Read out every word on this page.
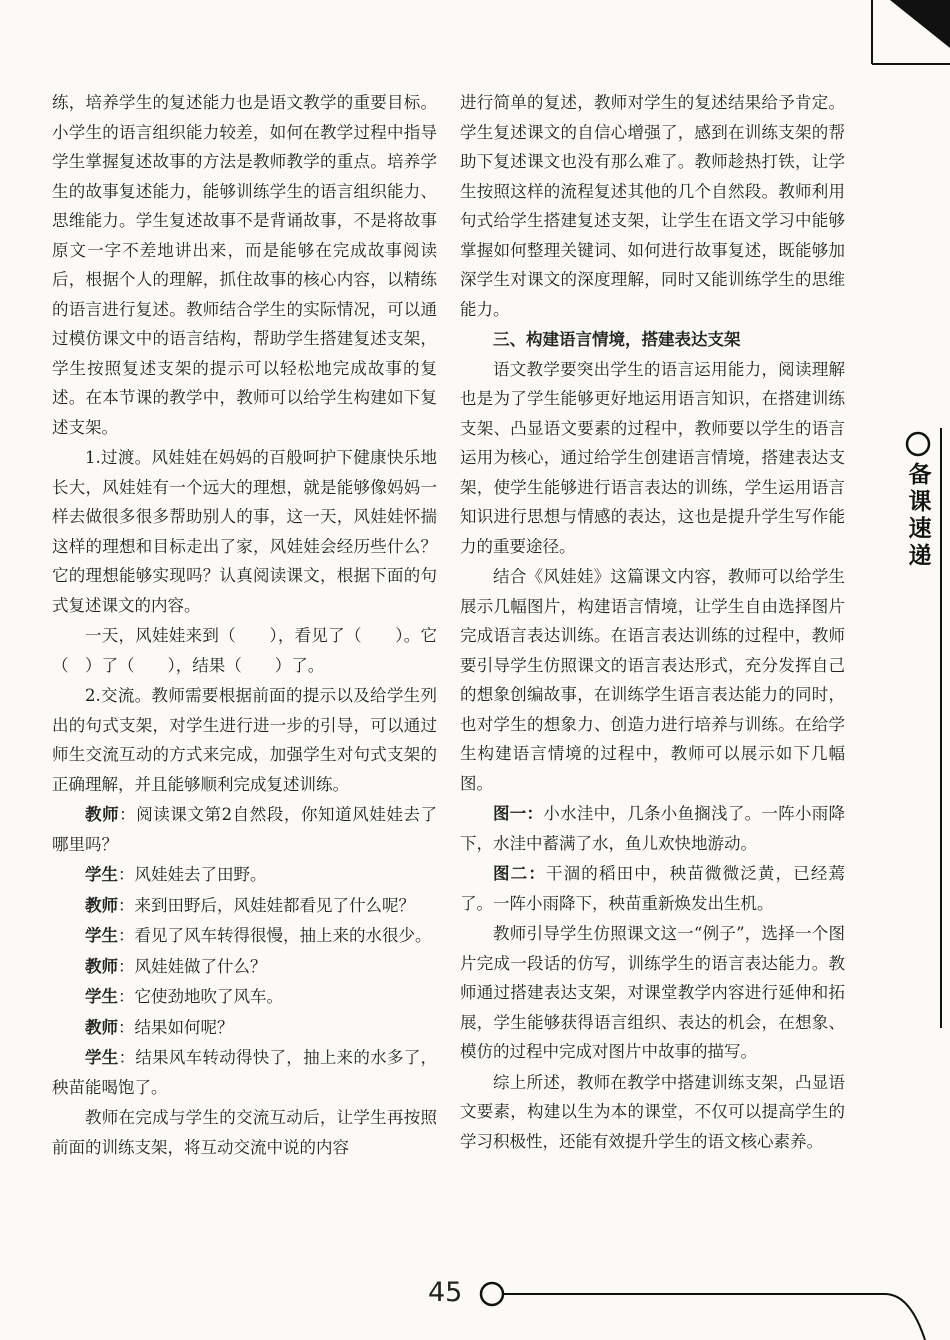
练，培养学生的复述能力也是语文教学的重要目标。小学生的语言组织能力较差，如何在教学过程中指导学生掌握复述故事的方法是教师教学的重点。培养学生的故事复述能力，能够训练学生的语言组织能力、思维能力。学生复述故事不是背诵故事，不是将故事原文一字不差地讲出来，而是能够在完成故事阅读后，根据个人的理解，抓住故事的核心内容，以精练的语言进行复述。教师结合学生的实际情况，可以通过模仿课文中的语言结构，帮助学生搭建复述支架，学生按照复述支架的提示可以轻松地完成故事的复述。在本节课的教学中，教师可以给学生构建如下复述支架。

1.过渡。风娃娃在妈妈的百般呵护下健康快乐地长大，风娃娃有一个远大的理想，就是能够像妈妈一样去做很多很多帮助别人的事，这一天，风娃娃怀揣这样的理想和目标走出了家，风娃娃会经历些什么？它的理想能够实现吗？认真阅读课文，根据下面的句式复述课文的内容。

一天，风娃娃来到（　　），看见了（　　）。它（　）了（　　），结果（　　）了。

2.交流。教师需要根据前面的提示以及给学生列出的句式支架，对学生进行进一步的引导，可以通过师生交流互动的方式来完成，加强学生对句式支架的正确理解，并且能够顺利完成复述训练。

教师：阅读课文第2自然段，你知道风娃娃去了哪里吗？

学生：风娃娃去了田野。

教师：来到田野后，风娃娃都看见了什么呢？

学生：看见了风车转得很慢，抽上来的水很少。

教师：风娃娃做了什么？

学生：它使劲地吹了风车。

教师：结果如何呢？

学生：结果风车转动得快了，抽上来的水多了，秧苗能喝饱了。

教师在完成与学生的交流互动后，让学生再按照前面的训练支架，将互动交流中说的内容

进行简单的复述，教师对学生的复述结果给予肯定。学生复述课文的自信心增强了，感到在训练支架的帮助下复述课文也没有那么难了。教师趁热打铁，让学生按照这样的流程复述其他的几个自然段。教师利用句式给学生搭建复述支架，让学生在语文学习中能够掌握如何整理关键词、如何进行故事复述，既能够加深学生对课文的深度理解，同时又能训练学生的思维能力。

三、构建语言情境，搭建表达支架

语文教学要突出学生的语言运用能力，阅读理解也是为了学生能够更好地运用语言知识，在搭建训练支架、凸显语文要素的过程中，教师要以学生的语言运用为核心，通过给学生创建语言情境，搭建表达支架，使学生能够进行语言表达的训练，学生运用语言知识进行思想与情感的表达，这也是提升学生写作能力的重要途径。

结合《风娃娃》这篇课文内容，教师可以给学生展示几幅图片，构建语言情境，让学生自由选择图片完成语言表达训练。在语言表达训练的过程中，教师要引导学生仿照课文的语言表达形式，充分发挥自己的想象创编故事，在训练学生语言表达能力的同时，也对学生的想象力、创造力进行培养与训练。在给学生构建语言情境的过程中，教师可以展示如下几幅图。

图一：小水洼中，几条小鱼搁浅了。一阵小雨降下，水洼中蓄满了水，鱼儿欢快地游动。

图二：干涸的稻田中，秧苗微微泛黄，已经蔫了。一阵小雨降下，秧苗重新焕发出生机。

教师引导学生仿照课文这一“例子”，选择一个图片完成一段话的仿写，训练学生的语言表达能力。教师通过搭建表达支架，对课堂教学内容进行延伸和拓展，学生能够获得语言组织、表达的机会，在想象、模仿的过程中完成对图片中故事的描写。

综上所述，教师在教学中搭建训练支架，凸显语文要素，构建以生为本的课堂，不仅可以提高学生的学习积极性，还能有效提升学生的语文核心素养。

备
课
速
递
45
